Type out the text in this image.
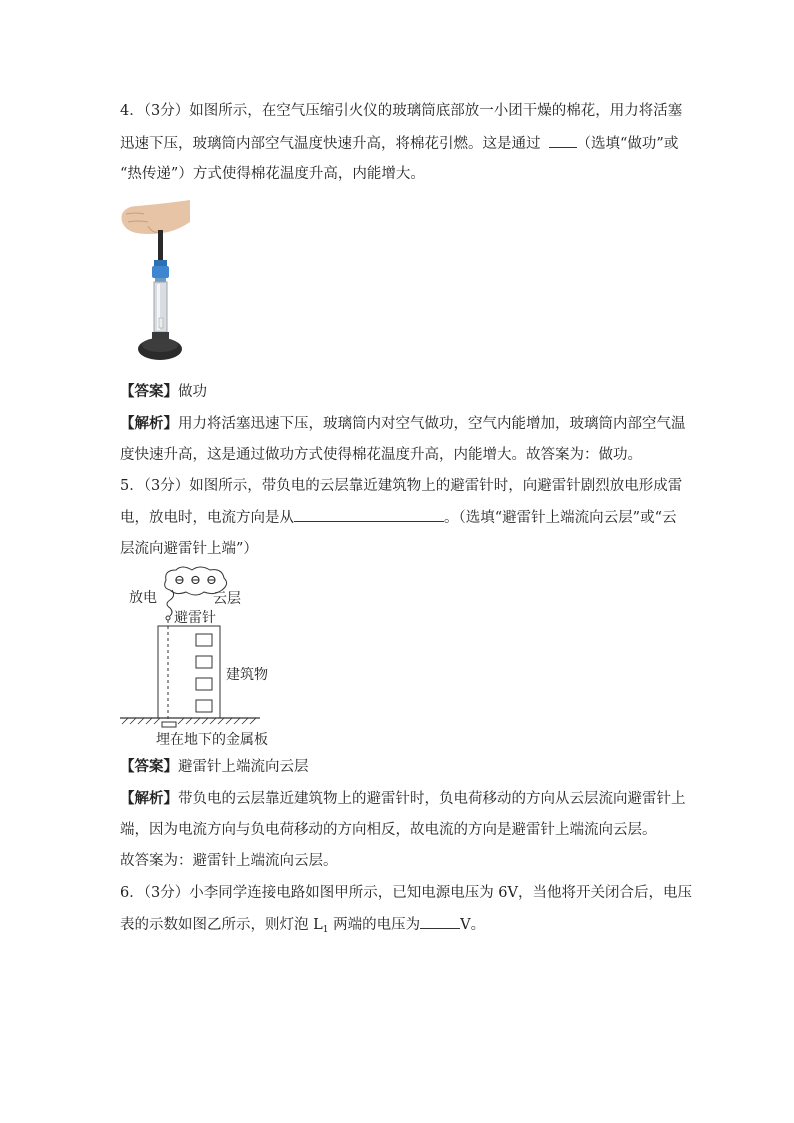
4．（3分）如图所示，在空气压缩引火仪的玻璃筒底部放一小团干燥的棉花，用力将活塞
迅速下压，玻璃筒内部空气温度快速升高，将棉花引燃。这是通过 （选填“做功”或
“热传递”）方式使得棉花温度升高，内能增大。
【答案】做功
【解析】用力将活塞迅速下压，玻璃筒内对空气做功，空气内能增加，玻璃筒内部空气温
度快速升高，这是通过做功方式使得棉花温度升高，内能增大。故答案为：做功。
5．（3分）如图所示，带负电的云层靠近建筑物上的避雷针时，向避雷针剧烈放电形成雷
电，放电时，电流方向是从	。（选填“避雷针上端流向云层”或“云
层流向避雷针上端”）
⊖ ⊖ ⊖
放电	云层
避雷针
建筑物
埋在地下的金属板
【答案】避雷针上端流向云层
【解析】带负电的云层靠近建筑物上的避雷针时，负电荷移动的方向从云层流向避雷针上
端，因为电流方向与负电荷移动的方向相反，故电流的方向是避雷针上端流向云层。
故答案为：避雷针上端流向云层。
6．（3分）小李同学连接电路如图甲所示，已知电源电压为 6V，当他将开关闭合后，电压
表的示数如图乙所示，则灯泡 $L_1$ 两端的电压为	V。
